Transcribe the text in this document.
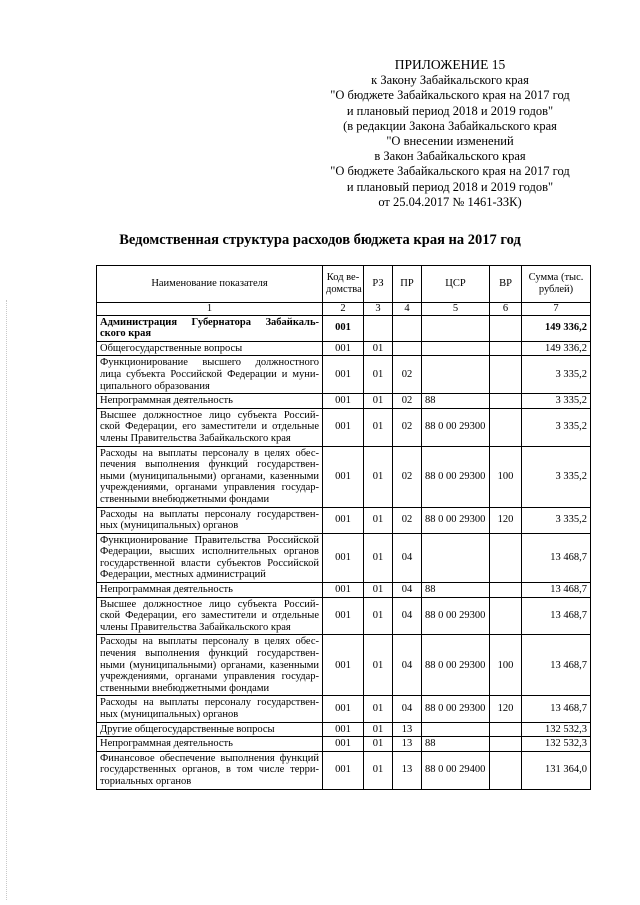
ПРИЛОЖЕНИЕ 15
к Закону Забайкальского края
"О бюджете Забайкальского края на 2017 год
и плановый период 2018 и 2019 годов"
(в редакции Закона Забайкальского края
"О внесении изменений
в Закон Забайкальского края
"О бюджете Забайкальского края на 2017 год
и плановый период 2018 и 2019 годов"
от 25.04.2017 № 1461-ЗЗК)
Ведомственная структура расходов бюджета края на 2017 год
Наименование показателя	Код ве-домства	РЗ	ПР	ЦСР	ВР	Сумма (тыс. рублей)
1	2	3	4	5	6	7
Администрация Губернатора Забайкаль-ского края	001					149 336,2
Общегосударственные вопросы	001	01				149 336,2
Функционирование высшего должностного лица субъекта Российской Федерации и муни-ципального образования	001	01	02			3 335,2
Непрограммная деятельность	001	01	02	88		3 335,2
Высшее должностное лицо субъекта Россий-ской Федерации, его заместители и отдельные члены Правительства Забайкальского края	001	01	02	88 0 00 29300		3 335,2
Расходы на выплаты персоналу в целях обес-печения выполнения функций государствен-ными (муниципальными) органами, казенными учреждениями, органами управления государ-ственными внебюджетными фондами	001	01	02	88 0 00 29300	100	3 335,2
Расходы на выплаты персоналу государствен-ных (муниципальных) органов	001	01	02	88 0 00 29300	120	3 335,2
Функционирование Правительства Российской Федерации, высших исполнительных органов государственной власти субъектов Российской Федерации, местных администраций	001	01	04			13 468,7
Непрограммная деятельность	001	01	04	88		13 468,7
Высшее должностное лицо субъекта Россий-ской Федерации, его заместители и отдельные члены Правительства Забайкальского края	001	01	04	88 0 00 29300		13 468,7
Расходы на выплаты персоналу в целях обес-печения выполнения функций государствен-ными (муниципальными) органами, казенными учреждениями, органами управления государ-ственными внебюджетными фондами	001	01	04	88 0 00 29300	100	13 468,7
Расходы на выплаты персоналу государствен-ных (муниципальных) органов	001	01	04	88 0 00 29300	120	13 468,7
Другие общегосударственные вопросы	001	01	13			132 532,3
Непрограммная деятельность	001	01	13	88		132 532,3
Финансовое обеспечение выполнения функций государственных органов, в том числе терри-ториальных органов	001	01	13	88 0 00 29400		131 364,0
